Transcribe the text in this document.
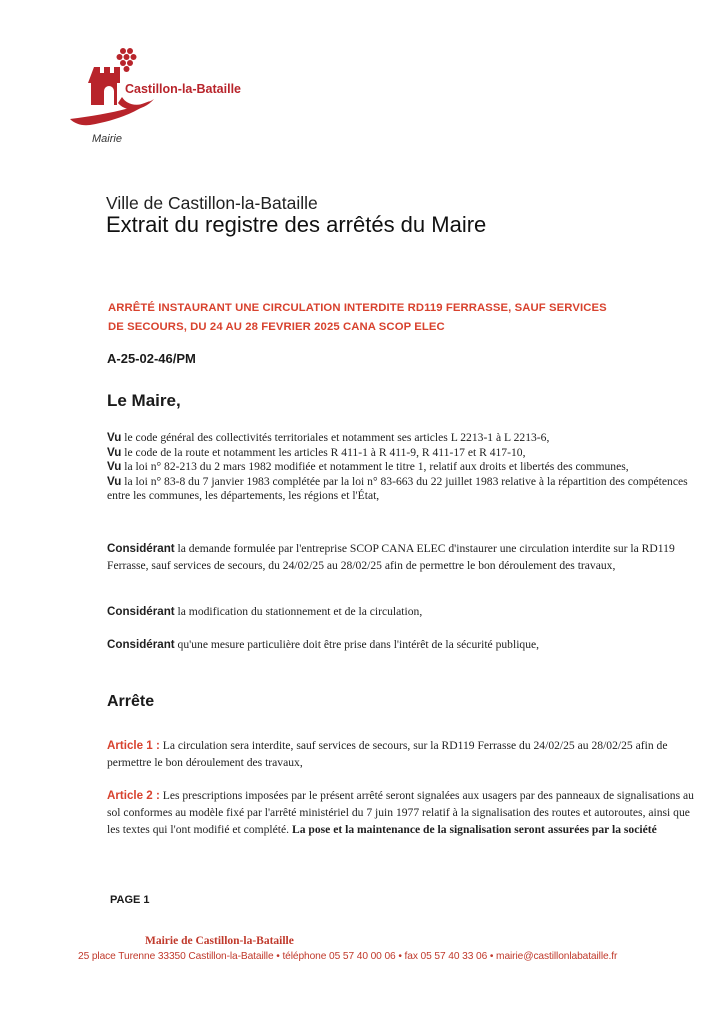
Castillon-la-Bataille
Mairie
Ville de Castillon-la-Bataille
Extrait du registre des arrêtés du Maire
ARRÊTÉ INSTAURANT UNE CIRCULATION INTERDITE RD119 FERRASSE, SAUF SERVICES
DE SECOURS, DU 24 AU 28 FEVRIER 2025 CANA SCOP ELEC
A-25-02-46/PM
Le Maire,
Vu le code général des collectivités territoriales et notamment ses articles L 2213-1 à L 2213-6,
Vu le code de la route et notamment les articles R 411-1 à R 411-9, R 411-17 et R 417-10,
Vu la loi n° 82-213 du 2 mars 1982 modifiée et notamment le titre 1, relatif aux droits et libertés des communes,
Vu la loi n° 83-8 du 7 janvier 1983 complétée par la loi n° 83-663 du 22 juillet 1983 relative à la répartition des compétences entre les communes, les départements, les régions et l'État,
Considérant la demande formulée par l'entreprise SCOP CANA ELEC d'instaurer une circulation interdite sur la RD119 Ferrasse, sauf services de secours, du 24/02/25 au 28/02/25 afin de permettre le bon déroulement des travaux,
Considérant la modification du stationnement et de la circulation,
Considérant qu'une mesure particulière doit être prise dans l'intérêt de la sécurité publique,
Arrête
Article 1 : La circulation sera interdite, sauf services de secours, sur la RD119 Ferrasse du 24/02/25 au 28/02/25 afin de permettre le bon déroulement des travaux,
Article 2 : Les prescriptions imposées par le présent arrêté seront signalées aux usagers par des panneaux de signalisations au sol conformes au modèle fixé par l'arrêté ministériel du 7 juin 1977 relatif à la signalisation des routes et autoroutes, ainsi que les textes qui l'ont modifié et complété. La pose et la maintenance de la signalisation seront assurées par la société
PAGE 1
Mairie de Castillon-la-Bataille
25 place Turenne 33350 Castillon-la-Bataille • téléphone 05 57 40 00 06 • fax 05 57 40 33 06 • mairie@castillonlabataille.fr
